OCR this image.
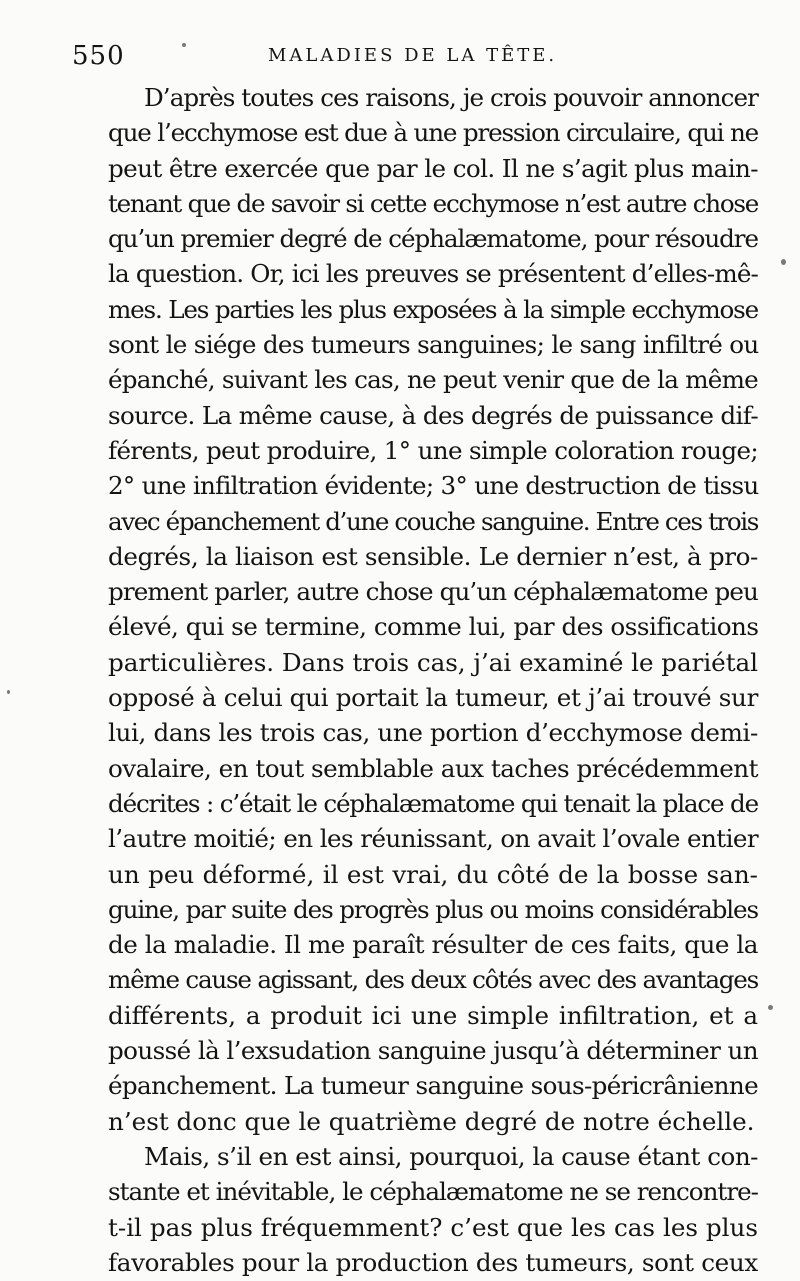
550	MALADIES DE LA TÊTE.

D’après toutes ces raisons, je crois pouvoir annoncer
que l’ecchymose est due à une pression circulaire, qui ne
peut être exercée que par le col. Il ne s’agit plus main-
tenant que de savoir si cette ecchymose n’est autre chose
qu’un premier degré de céphalæmatome, pour résoudre
la question. Or, ici les preuves se présentent d’elles-mê-
mes. Les parties les plus exposées à la simple ecchymose
sont le siége des tumeurs sanguines; le sang infiltré ou
épanché, suivant les cas, ne peut venir que de la même
source. La même cause, à des degrés de puissance dif-
férents, peut produire, 1° une simple coloration rouge;
2° une infiltration évidente; 3° une destruction de tissu
avec épanchement d’une couche sanguine. Entre ces trois
degrés, la liaison est sensible. Le dernier n’est, à pro-
prement parler, autre chose qu’un céphalæmatome peu
élevé, qui se termine, comme lui, par des ossifications
particulières. Dans trois cas, j’ai examiné le pariétal
opposé à celui qui portait la tumeur, et j’ai trouvé sur
lui, dans les trois cas, une portion d’ecchymose demi-
ovalaire, en tout semblable aux taches précédemment
décrites : c’était le céphalæmatome qui tenait la place de
l’autre moitié; en les réunissant, on avait l’ovale entier
un peu déformé, il est vrai, du côté de la bosse san-
guine, par suite des progrès plus ou moins considérables
de la maladie. Il me paraît résulter de ces faits, que la
même cause agissant, des deux côtés avec des avantages
différents, a produit ici une simple infiltration, et a
poussé là l’exsudation sanguine jusqu’à déterminer un
épanchement. La tumeur sanguine sous-péricrânienne
n’est donc que le quatrième degré de notre échelle.

Mais, s’il en est ainsi, pourquoi, la cause étant con-
stante et inévitable, le céphalæmatome ne se rencontre-
t-il pas plus fréquemment? c’est que les cas les plus
favorables pour la production des tumeurs, sont ceux
